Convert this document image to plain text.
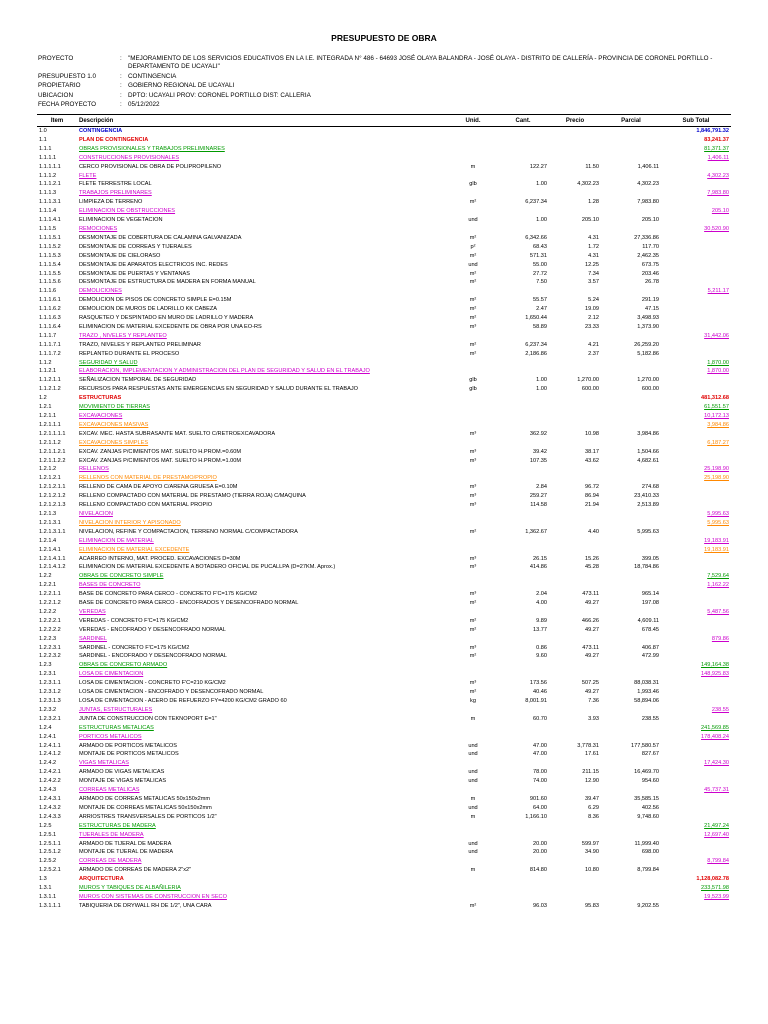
PRESUPUESTO DE OBRA
PROYECTO	: "MEJORAMIENTO DE LOS SERVICIOS EDUCATIVOS EN LA I.E. INTEGRADA N° 486 - 64693 JOSÉ OLAYA BALANDRA - JOSÉ OLAYA - DISTRITO DE CALLERÍA - PROVINCIA DE CORONEL PORTILLO - DEPARTAMENTO DE UCAYALI"
PRESUPUESTO 1.0	: CONTINGENCIA
PROPIETARIO	: GOBIERNO REGIONAL DE UCAYALI
UBICACION	: DPTO: UCAYALI PROV: CORONEL PORTILLO DIST: CALLERIA
FECHA PROYECTO	: 05/12/2022
Item	Descripción	Unid.	Cant.	Precio	Parcial	Sub Total
1.0	CONTINGENCIA					1,846,791.32
1.1	PLAN DE CONTINGENCIA					83,241.37
1.1.1	OBRAS PROVISIONALES Y TRABAJOS PRELIMINARES					81,371.37
1.1.1.1	CONSTRUCCIONES PROVISIONALES					1,406.11
1.1.1.1.1	CERCO PROVISIONAL DE OBRA DE POLIPROPILENO	m	122.27	11.50	1,406.11	
1.1.1.2	FLETE					4,302.23
1.1.1.2.1	FLETE TERRESTRE LOCAL	glb	1.00	4,302.23	4,302.23	
1.1.1.3	TRABAJOS PRELIMINARES					7,983.80
1.1.1.3.1	LIMPIEZA DE TERRENO	m²	6,237.34	1.28	7,983.80	
1.1.1.4	ELIMINACION DE OBSTRUCCIONES					205.10
1.1.1.4.1	ELIMINACION DE VEGETACION	und	1.00	205.10	205.10	
1.1.1.5	REMOCIONES					30,520.90
1.1.1.5.1	DESMONTAJE DE COBERTURA DE CALAMINA GALVANIZADA	m²	6,342.66	4.31	27,336.86	
1.1.1.5.2	DESMONTAJE DE CORREAS Y TIJERALES	p²	68.43	1.72	117.70	
1.1.1.5.3	DESMONTAJE DE CIELORASO	m²	571.31	4.31	2,462.35	
1.1.1.5.4	DESMONTAJE DE APARATOS ELECTRICOS INC. REDES	und	55.00	12.25	673.75	
1.1.1.5.5	DESMONTAJE DE PUERTAS Y VENTANAS	m²	27.72	7.34	203.46	
1.1.1.5.6	DESMONTAJE DE ESTRUCTURA DE MADERA EN FORMA MANUAL	m²	7.50	3.57	26.78	
1.1.1.6	DEMOLICIONES					5,211.17
1.1.1.6.1	DEMOLICION DE PISOS DE CONCRETO SIMPLE E=0.15M	m²	55.57	5.24	291.19	
1.1.1.6.2	DEMOLICION DE MUROS DE LADRILLO KK CABEZA	m²	2.47	19.09	47.15	
1.1.1.6.3	RASQUETEO Y DESPINTADO EN MURO DE LADRILLO Y MADERA	m²	1,650.44	2.12	3,498.93	
1.1.1.6.4	ELIMINACION DE MATERIAL EXCEDENTE DE OBRA POR UNA EO-RS	m³	58.89	23.33	1,373.90	
1.1.1.7	TRAZO , NIVELES Y REPLANTEO					31,442.06
1.1.1.7.1	TRAZO, NIVELES Y REPLANTEO PRELIMINAR	m²	6,237.34	4.21	26,259.20	
1.1.1.7.2	REPLANTEO DURANTE EL PROCESO	m²	2,186.86	2.37	5,182.86	
1.1.2	SEGURIDAD Y SALUD					1,870.00
1.1.2.1	ELABORACION, IMPLEMENTACION Y ADMINISTRACION DEL PLAN DE SEGURIDAD Y SALUD EN EL TRABAJO					1,870.00
1.1.2.1.1	SEÑALIZACION TEMPORAL DE SEGURIDAD	glb	1.00	1,270.00	1,270.00	
1.1.2.1.2	RECURSOS PARA RESPUESTAS ANTE EMERGENCIAS EN SEGURIDAD Y SALUD DURANTE EL TRABAJO	glb	1.00	600.00	600.00	
1.2	ESTRUCTURAS					481,312.68
1.2.1	MOVIMIENTO DE TIERRAS					61,551.57
1.2.1.1	EXCAVACIONES					10,172.13
1.2.1.1.1	EXCAVACIONES MASIVAS					3,984.86
1.2.1.1.1.1	EXCAV. MEC. HASTA SUBRASANTE MAT. SUELTO C/RETROEXCAVADORA	m³	362.92	10.98	3,984.86	
1.2.1.1.2	EXCAVACIONES SIMPLES					6,187.27
1.2.1.1.2.1	EXCAV. ZANJAS P/CIMIENTOS MAT. SUELTO H.PROM.=0.60M	m³	39.42	38.17	1,504.66	
1.2.1.1.2.2	EXCAV. ZANJAS P/CIMIENTOS MAT. SUELTO H.PROM.=1.00M	m³	107.35	43.62	4,682.61	
1.2.1.2	RELLENOS					25,198.90
1.2.1.2.1	RELLENOS CON MATERIAL DE PRESTAMO/PROPIO					25,198.90
1.2.1.2.1.1	RELLENO DE CAMA DE APOYO C/ARENA GRUESA E=0.10M	m³	2.84	96.72	274.68	
1.2.1.2.1.2	RELLENO COMPACTADO CON MATERIAL DE PRESTAMO (TIERRA ROJA) C/MAQUINA	m³	259.27	86.94	23,410.33	
1.2.1.2.1.3	RELLENO COMPACTADO CON MATERIAL PROPIO	m³	114.58	21.94	2,513.89	
1.2.1.3	NIVELACION					5,995.63
1.2.1.3.1	NIVELACION INTERIOR Y APISONADO					5,995.63
1.2.1.3.1.1	NIVELACION, REFINE Y COMPACTACION, TERRENO NORMAL C/COMPACTADORA	m²	1,362.67	4.40	5,995.63	
1.2.1.4	ELIMINACION DE MATERIAL					19,183.91
1.2.1.4.1	ELIMINACION DE MATERIAL EXCEDENTE					19,183.91
1.2.1.4.1.1	ACARREO INTERNO, MAT. PROCED. EXCAVACIONES D=30M	m³	26.15	15.26	399.05	
1.2.1.4.1.2	ELIMINACION DE MATERIAL EXCEDENTE A BOTADERO OFICIAL DE PUCALLPA (D=27KM. Aprox.)	m³	414.86	45.28	18,784.86	
1.2.2	OBRAS DE CONCRETO SIMPLE					7,529.64
1.2.2.1	BASES DE CONCRETO					1,162.22
1.2.2.1.1	BASE DE CONCRETO PARA CERCO - CONCRETO F'C=175 KG/CM2	m³	2.04	473.11	965.14	
1.2.2.1.2	BASE DE CONCRETO PARA CERCO - ENCOFRADOS Y DESENCOFRADO NORMAL	m²	4.00	49.27	197.08	
1.2.2.2	VEREDAS					5,487.56
1.2.2.2.1	VEREDAS - CONCRETO F'C=175 KG/CM2	m²	9.89	466.26	4,609.11	
1.2.2.2.2	VEREDAS - ENCOFRADO Y DESENCOFRADO NORMAL	m²	13.77	49.27	678.45	
1.2.2.3	SARDINEL					879.86
1.2.2.3.1	SARDINEL - CONCRETO F'C=175 KG/CM2	m³	0.86	473.11	406.87	
1.2.2.3.2	SARDINEL - ENCOFRADO Y DESENCOFRADO NORMAL	m²	9.60	49.27	472.99	
1.2.3	OBRAS DE CONCRETO ARMADO					149,164.38
1.2.3.1	LOSA DE CIMENTACION					148,925.83
1.2.3.1.1	LOSA DE CIMENTACION - CONCRETO F'C=210 KG/CM2	m³	173.56	507.25	88,038.31	
1.2.3.1.2	LOSA DE CIMENTACION - ENCOFRADO Y DESENCOFRADO NORMAL	m²	40.46	49.27	1,993.46	
1.2.3.1.3	LOSA DE CIMENTACION - ACERO DE REFUERZO FY=4200 KG/CM2 GRADO 60	kg	8,001.91	7.36	58,894.06	
1.2.3.2	JUNTAS, ESTRUCTURALES					238.55
1.2.3.2.1	JUNTA DE CONSTRUCCION CON TEKNOPORT E=1"	m	60.70	3.93	238.55	
1.2.4	ESTRUCTURAS METALICAS					241,569.85
1.2.4.1	PORTICOS METALICOS					178,408.24
1.2.4.1.1	ARMADO DE PORTICOS METALICOS	und	47.00	3,778.31	177,580.57	
1.2.4.1.2	MONTAJE DE PORTICOS METALICOS	und	47.00	17.61	827.67	
1.2.4.2	VIGAS METALICAS					17,424.30
1.2.4.2.1	ARMADO DE VIGAS METALICAS	und	78.00	211.15	16,469.70	
1.2.4.2.2	MONTAJE DE VIGAS METALICAS	und	74.00	12.90	954.60	
1.2.4.3	CORREAS METALICAS					45,737.31
1.2.4.3.1	ARMADO DE CORREAS METALICAS 50x150x2mm	m	901.60	39.47	35,585.15	
1.2.4.3.2	MONTAJE DE CORREAS METALICAS 50x150x2mm	und	64.00	6.29	402.56	
1.2.4.3.3	ARRIOSTRES TRANSVERSALES DE PORTICOS 1/2"	m	1,166.10	8.36	9,748.60	
1.2.5	ESTRUCTURAS DE MADERA					21,497.24
1.2.5.1	TIJERALES DE MADERA					12,697.40
1.2.5.1.1	ARMADO DE TIJERAL DE MADERA	und	20.00	599.97	11,999.40	
1.2.5.1.2	MONTAJE DE TIJERAL DE MADERA	und	20.00	34.90	698.00	
1.2.5.2	CORREAS DE MADERA					8,799.84
1.2.5.2.1	ARMADO DE CORREAS DE MADERA 2"x2"	m	814.80	10.80	8,799.84	
1.3	ARQUITECTURA					1,128,082.78
1.3.1	MUROS Y TABIQUES DE ALBAÑILERIA					233,571.98
1.3.1.1	MUROS CON SISTEMAS DE CONSTRUCCION EN SECO					19,523.99
1.3.1.1.1	TABIQUERIA DE DRYWALL RH DE 1/2", UNA CARA	m²	96.03	95.83	9,202.55	
